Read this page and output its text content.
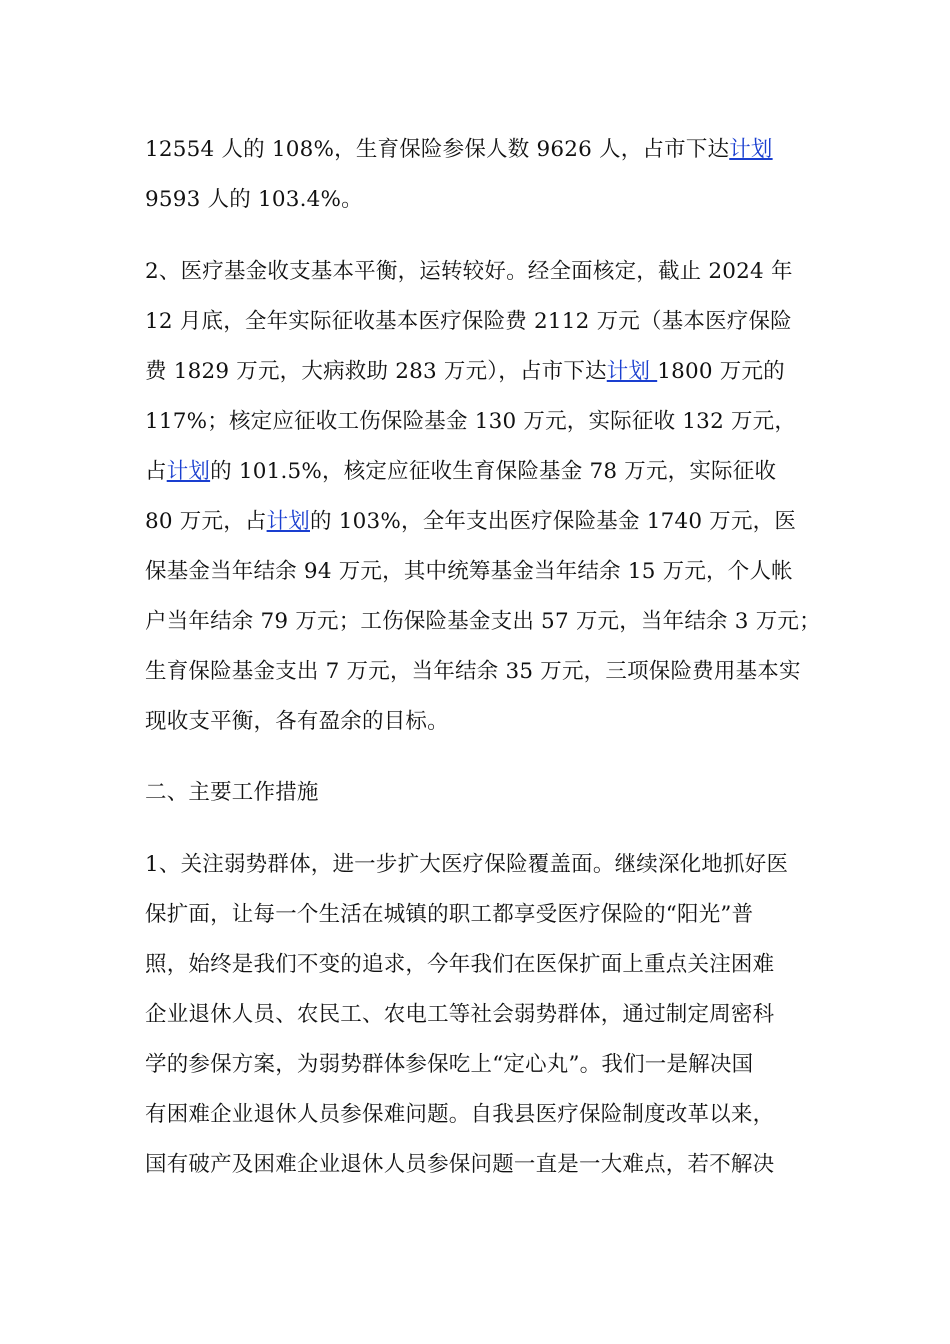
12554 人的 108%，生育保险参保人数 9626 人，占市下达计划
9593 人的 103.4%。
2、医疗基金收支基本平衡，运转较好。经全面核定，截止 2024 年
12 月底，全年实际征收基本医疗保险费 2112 万元（基本医疗保险
费 1829 万元，大病救助 283 万元），占市下达计划 1800 万元的
117%；核定应征收工伤保险基金 130 万元，实际征收 132 万元，
占计划的 101.5%，核定应征收生育保险基金 78 万元，实际征收
80 万元，占计划的 103%，全年支出医疗保险基金 1740 万元，医
保基金当年结余 94 万元，其中统筹基金当年结余 15 万元，个人帐
户当年结余 79 万元；工伤保险基金支出 57 万元，当年结余 3 万元；
生育保险基金支出 7 万元，当年结余 35 万元，三项保险费用基本实
现收支平衡，各有盈余的目标。
二、主要工作措施
1、关注弱势群体，进一步扩大医疗保险覆盖面。继续深化地抓好医
保扩面，让每一个生活在城镇的职工都享受医疗保险的“阳光”普
照，始终是我们不变的追求，今年我们在医保扩面上重点关注困难
企业退休人员、农民工、农电工等社会弱势群体，通过制定周密科
学的参保方案，为弱势群体参保吃上“定心丸”。我们一是解决国
有困难企业退休人员参保难问题。自我县医疗保险制度改革以来，
国有破产及困难企业退休人员参保问题一直是一大难点，若不解决
